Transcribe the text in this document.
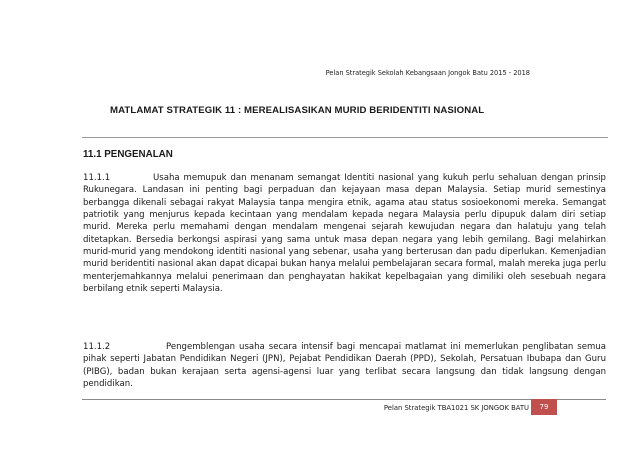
Pelan Strategik Sekolah Kebangsaan Jongok Batu 2015 - 2018
MATLAMAT STRATEGIK 11 : MEREALISASIKAN MURID BERIDENTITI NASIONAL
11.1 PENGENALAN
11.1.1	Usaha memupuk dan menanam semangat Identiti nasional yang kukuh perlu sehaluan dengan prinsip Rukunegara. Landasan ini penting bagi perpaduan dan kejayaan masa depan Malaysia. Setiap murid semestinya berbangga dikenali sebagai rakyat Malaysia tanpa mengira etnik, agama atau status sosioekonomi mereka. Semangat patriotik yang menjurus kepada kecintaan yang mendalam kepada negara Malaysia perlu dipupuk dalam diri setiap murid. Mereka perlu memahami dengan mendalam mengenai sejarah kewujudan negara dan halatuju yang telah ditetapkan. Bersedia berkongsi aspirasi yang sama untuk masa depan negara yang lebih gemilang. Bagi melahirkan murid-murid yang mendokong identiti nasional yang sebenar, usaha yang berterusan dan padu diperlukan. Kemenjadian murid beridentiti nasional akan dapat dicapai bukan hanya melalui pembelajaran secara formal, malah mereka juga perlu menterjemahkannya melalui penerimaan dan penghayatan hakikat kepelbagaian yang dimiliki oleh sesebuah negara berbilang etnik seperti Malaysia.
11.1.2	Pengemblengan usaha secara intensif bagi mencapai matlamat ini memerlukan penglibatan semua pihak seperti Jabatan Pendidikan Negeri (JPN), Pejabat Pendidikan Daerah (PPD), Sekolah, Persatuan Ibubapa dan Guru (PIBG), badan bukan kerajaan serta agensi-agensi luar yang terlibat secara langsung dan tidak langsung dengan pendidikan.
Pelan Strategik TBA1021 SK JONGOK BATU	79
